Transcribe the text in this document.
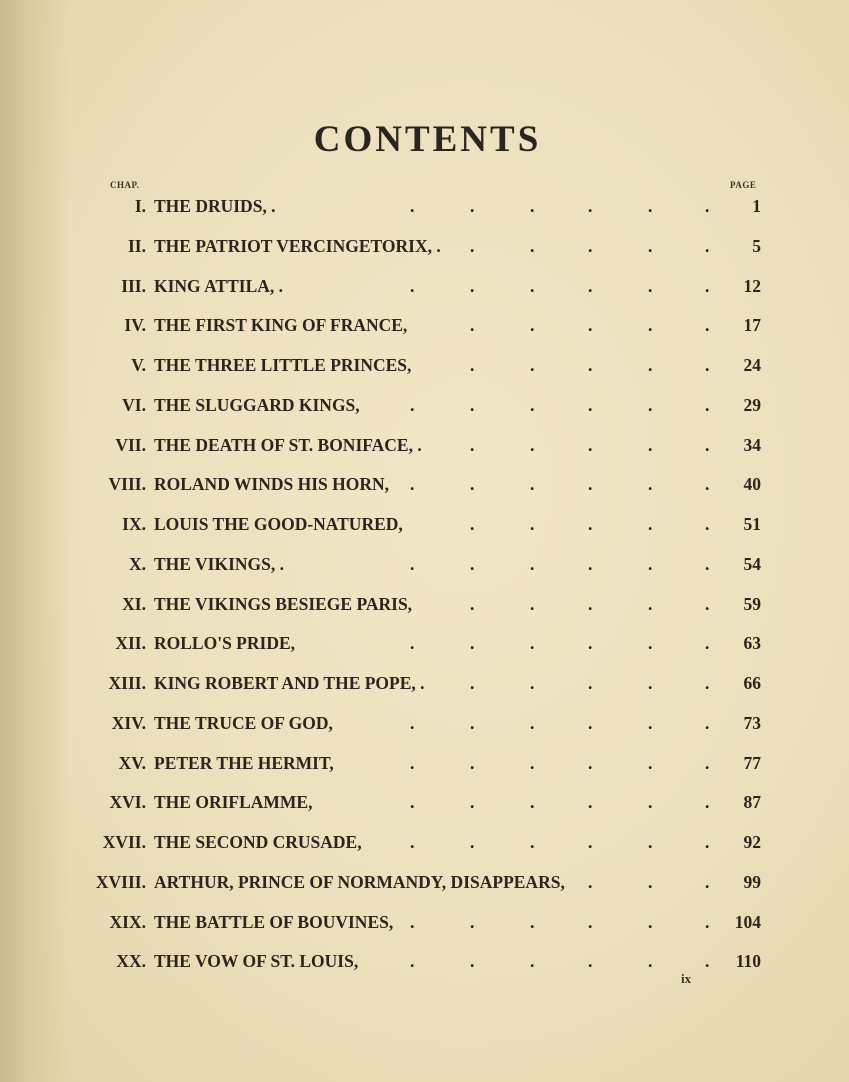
CONTENTS
CHAP.	PAGE
I. THE DRUIDS, .	.	.	.	.	.	. 1
II. THE PATRIOT VERCINGETORIX, . .	.	.	.	. 5
III. KING ATTILA, .	.	.	.	.	.	. 12
IV. THE FIRST KING OF FRANCE,	.	.	.	.	. 17
V. THE THREE LITTLE PRINCES,	.	.	.	.	. 24
VI. THE SLUGGARD KINGS,	.	.	.	.	.	. 29
VII. THE DEATH OF ST. BONIFACE, .	.	.	.	.	. 34
VIII. ROLAND WINDS HIS HORN, .	.	.	.	.	. 40
IX. LOUIS THE GOOD-NATURED,	.	.	.	.	. 51
X. THE VIKINGS, .	.	.	.	.	.	. 54
XI. THE VIKINGS BESIEGE PARIS,	.	.	.	.	. 59
XII. ROLLO'S PRIDE,	.	.	.	.	.	. 63
XIII. KING ROBERT AND THE POPE, .	.	.	.	.	. 66
XIV. THE TRUCE OF GOD,	.	.	.	.	.	. 73
XV. PETER THE HERMIT,	.	.	.	.	.	. 77
XVI. THE ORIFLAMME,	.	.	.	.	.	. 87
XVII. THE SECOND CRUSADE,	.	.	.	.	.	. 92
XVIII. ARTHUR, PRINCE OF NORMANDY, DISAPPEARS, .	.	. 99
XIX. THE BATTLE OF BOUVINES, .	.	.	.	.	. 104
XX. THE VOW OF ST. LOUIS,	.	.	.	.	.	. 110
ix
